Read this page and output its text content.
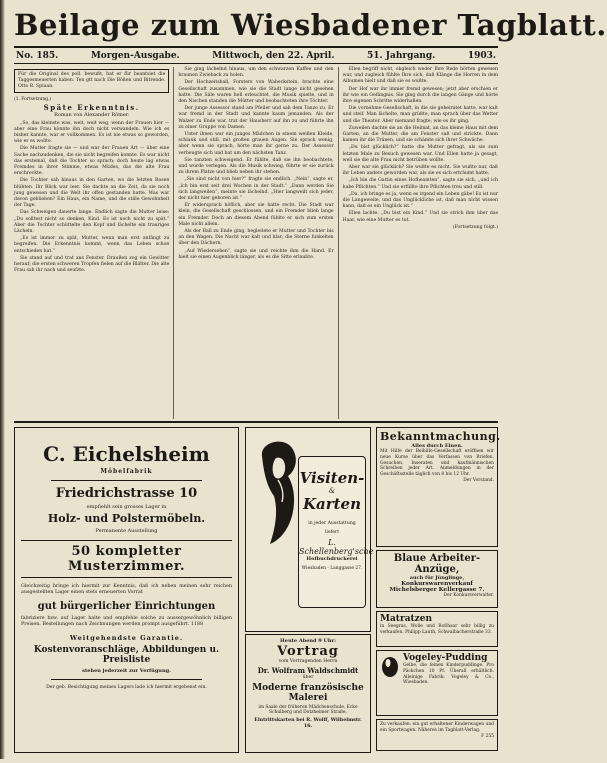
Beilage zum Wiesbadener Tagblatt.
No. 185.	Morgen-Ausgabe.	Mittwoch, den 22. April.	51. Jahrgang.	1903.
Für die Original des poll. bewußt, hat er für beantsiet die Taggesmeuerten haben. Ten gtt nach Die Bößen und Bitrende. Otto B. Spiuan.
(1. Fortsetzung.)
Späte Erkenntnis.
Roman von Alexander Römer.

„So, das kleinste was, weit, weit weg, wenn der Frauen hier — aber eine Frau könnte ihn doch nicht verwandeln. Wie ich es bisher kannte, war er vollkommen. Es ist nie etwas so geworden, wie er es wollte.

Die Mutter fragte sie — und war der Frauen Art — über eine Sache nachzudenken, die sie nicht begreifen konnte. Es war nicht das erstemal, daß die Tochter so sprach; doch heute lag etwas Fremdes in ihrer Stimme, etwas Müdes, das die alte Frau erschreckte.

Die Tochter sah hinaus in den Garten, wo die letzten Rosen blühten. Ihr Blick war leer. Sie dachte an die Zeit, da sie noch jung gewesen und die Welt ihr offen gestanden hatte. Was war davon geblieben? Ein Haus, ein Name, und die stille Gewohnheit der Tage.

Das Schweigen dauerte lange. Endlich sagte die Mutter leise: „Du solltest nicht so denken, Kind. Es ist noch nicht zu spät.“ Aber die Tochter schüttelte den Kopf und lächelte ein trauriges Lächeln.

„Es ist immer zu spät, Mutter, wenn man erst anfängt zu begreifen. Die Erkenntnis kommt, wenn das Leben schon entschieden hat.“

Sie stand auf und trat ans Fenster. Draußen zog ein Gewitter herauf; die ersten schweren Tropfen fielen auf die Blätter. Die alte Frau sah ihr nach und seufzte.

Sie ging lächelnd hinaus, um den schwarzen Kaffee und den braunen Zwieback zu holen.

Der Hochzeitsball, Forsters von Wabeckstein, brachte eine Gesellschaft zusammen, wie sie die Stadt lange nicht gesehen hatte. Die Säle waren hell erleuchtet, die Musik spielte, und in den Nischen standen die Mütter und beobachteten ihre Töchter.

Der junge Assessor stand am Pfeiler und sah dem Tanze zu. Er war fremd in der Stadt und kannte kaum jemanden. Als der Walzer zu Ende war, trat der Hausherr auf ihn zu und führte ihn zu einer Gruppe von Damen.

Unter ihnen war ein junges Mädchen in einem weißen Kleide, schlank und still, mit großen grauen Augen. Sie sprach wenig, aber wenn sie sprach, hörte man ihr gerne zu. Der Assessor verbeugte sich und bat um den nächsten Tanz.

Sie tanzten schweigend. Er fühlte, daß sie ihn beobachtete, und wurde verlegen. Als die Musik schwieg, führte er sie zurück zu ihrem Platze und blieb neben ihr stehen.

„Sie sind nicht von hier?“ fragte sie endlich. „Nein“, sagte er, „ich bin erst seit drei Wochen in der Stadt.“ „Dann werden Sie sich langweilen“, meinte sie lächelnd. „Hier langweilt sich jeder, der nicht hier geboren ist.“

Er widersprach höflich, aber sie hatte recht. Die Stadt war klein, die Gesellschaft geschlossen, und ein Fremder blieb lange ein Fremder. Doch an diesem Abend fühlte er sich zum ersten Male nicht allein.

Als der Ball zu Ende ging, begleitete er Mutter und Tochter bis an den Wagen. Die Nacht war kalt und klar; die Sterne funkelten über den Dächern.

„Auf Wiedersehen“, sagte sie und reichte ihm die Hand. Er hielt sie einen Augenblick länger, als es die Sitte erlaubte.

Ellen begriff nicht, obgleich weder Ihre Rede hörten gewesen war, und zugleich fühlte Ihre sich, daß Klänge die Herren in dem Albumen hielt und daß sie es wußte.

Der Hof war ihr immer fremd gewesen; jetzt aber erschien er ihr wie ein Gefängnis. Sie ging durch die langen Gänge und hörte ihre eigenen Schritte widerhallen.

Die vornehme Gesellschaft, in die sie geheiratet hatte, war kalt und steif. Man lächelte, man grüßte, man sprach über das Wetter und die Theater. Aber niemand fragte, wie es ihr ging.

Zuweilen dachte sie an die Heimat, an das kleine Haus mit dem Garten, an die Mutter, die am Fenster saß und strickte. Dann kamen ihr die Tränen, und sie schämte sich ihrer Schwäche.

„Du bist glücklich?“ hatte die Mutter gefragt, als sie zum letzten Male zu Besuch gewesen war. Und Ellen hatte ja gesagt, weil sie die alte Frau nicht betrüben wollte.

Aber war sie glücklich? Sie wußte es nicht. Sie wußte nur, daß ihr Leben anders geworden war, als sie es sich erträumt hatte.

„Ich bin die Gattin eines Hofbeamten“, sagte sie sich, „und ich habe Pflichten.“ Und sie erfüllte ihre Pflichten treu und still.

„Da, ich bringe es ja, wenn es irgend ein Leben gäbe! Es ist nur die Langeweile, und das Unglückliche ist, daß man nicht wissen kann, daß es ein Unglück ist.“

Ellen lachte. „Du bist ein Kind.“ Und sie strich ihm über das Haar, wie eine Mutter es tut.

(Fortsetzung folgt.)

C. Eichelsheim
Möbelfabrik
Friedrichstrasse 10
empfiehlt sein grosses Lager in
Holz- und Polstermöbeln.
Permanente Ausstellung
50 kompletter Musterzimmer.
Gleichzeitig bringe ich hiermit zur Kenntnis, daß ich neben meinen sehr reichen ausgestellten Lager einen stets erneuerten Vorrat
gut bürgerlicher Einrichtungen
fabriziere bzw. auf Lager halte und empfehle solche zu aussergewöhnlich billigen Preisen. Bestellungen nach Zeichnungen werden prompt ausgeführt. 1188
Weitgehendste Garantie.
Kostenvoranschläge, Abbildungen u. Preisliste
stehen jederzeit zur Verfügung.
Der geb. Besichtigung meines Lagers lade ich hiermit ergebenst ein.
Visiten-
&
Karten
in jeder Ausstattung
liefert
L. Schellenberg'sche
Hofbuchdruckerei
Wiesbaden - Langgasse 27.
Heute Abend 9 Uhr:
Vortrag
vom Vortragenden Herrn
Dr. Wolfram Waldschmidt
über
Moderne französische Malerei
im Saale der früheren Mädchenschule, Ecke Schulberg und Dotzheimer Straße.
Eintrittskarten bei R. Wolff, Wilhelmstr. 16.
Bekanntmachung.
Alles durch Einen.
Mit Hilfe der Beihilfe-Gesellschaft eröffnen wir neue Kurse über das Verfassen von Briefen, Gesuchen, Inseraten und kaufmännischen Schreiben jeder Art. Anmeldungen in der Geschäftsstelle täglich von 8 bis 12 Uhr.
Der Vorstand.
Blaue Arbeiter-Anzüge,
auch für Jünglinge,
Konkurswarenverkauf Michelsberger Kellergasse 7.
Der Konkursverwalter.
Matratzen
in Seegras, Wolle und Roßhaar sehr billig zu verkaufen. Philipp Lauth, Schwalbacherstraße 33.
Vogeley-Pudding
Gelbe, die feinen Kinderpuddinge. Pro Päckchen 10 Pf. Überall erhältlich. Alleinige Fabrik: Vogeley & Co., Wiesbaden.
Zu verkaufen: ein gut erhaltener Kinderwagen und ein Sportwagen. Näheres im Tagblatt-Verlag.
F 255
